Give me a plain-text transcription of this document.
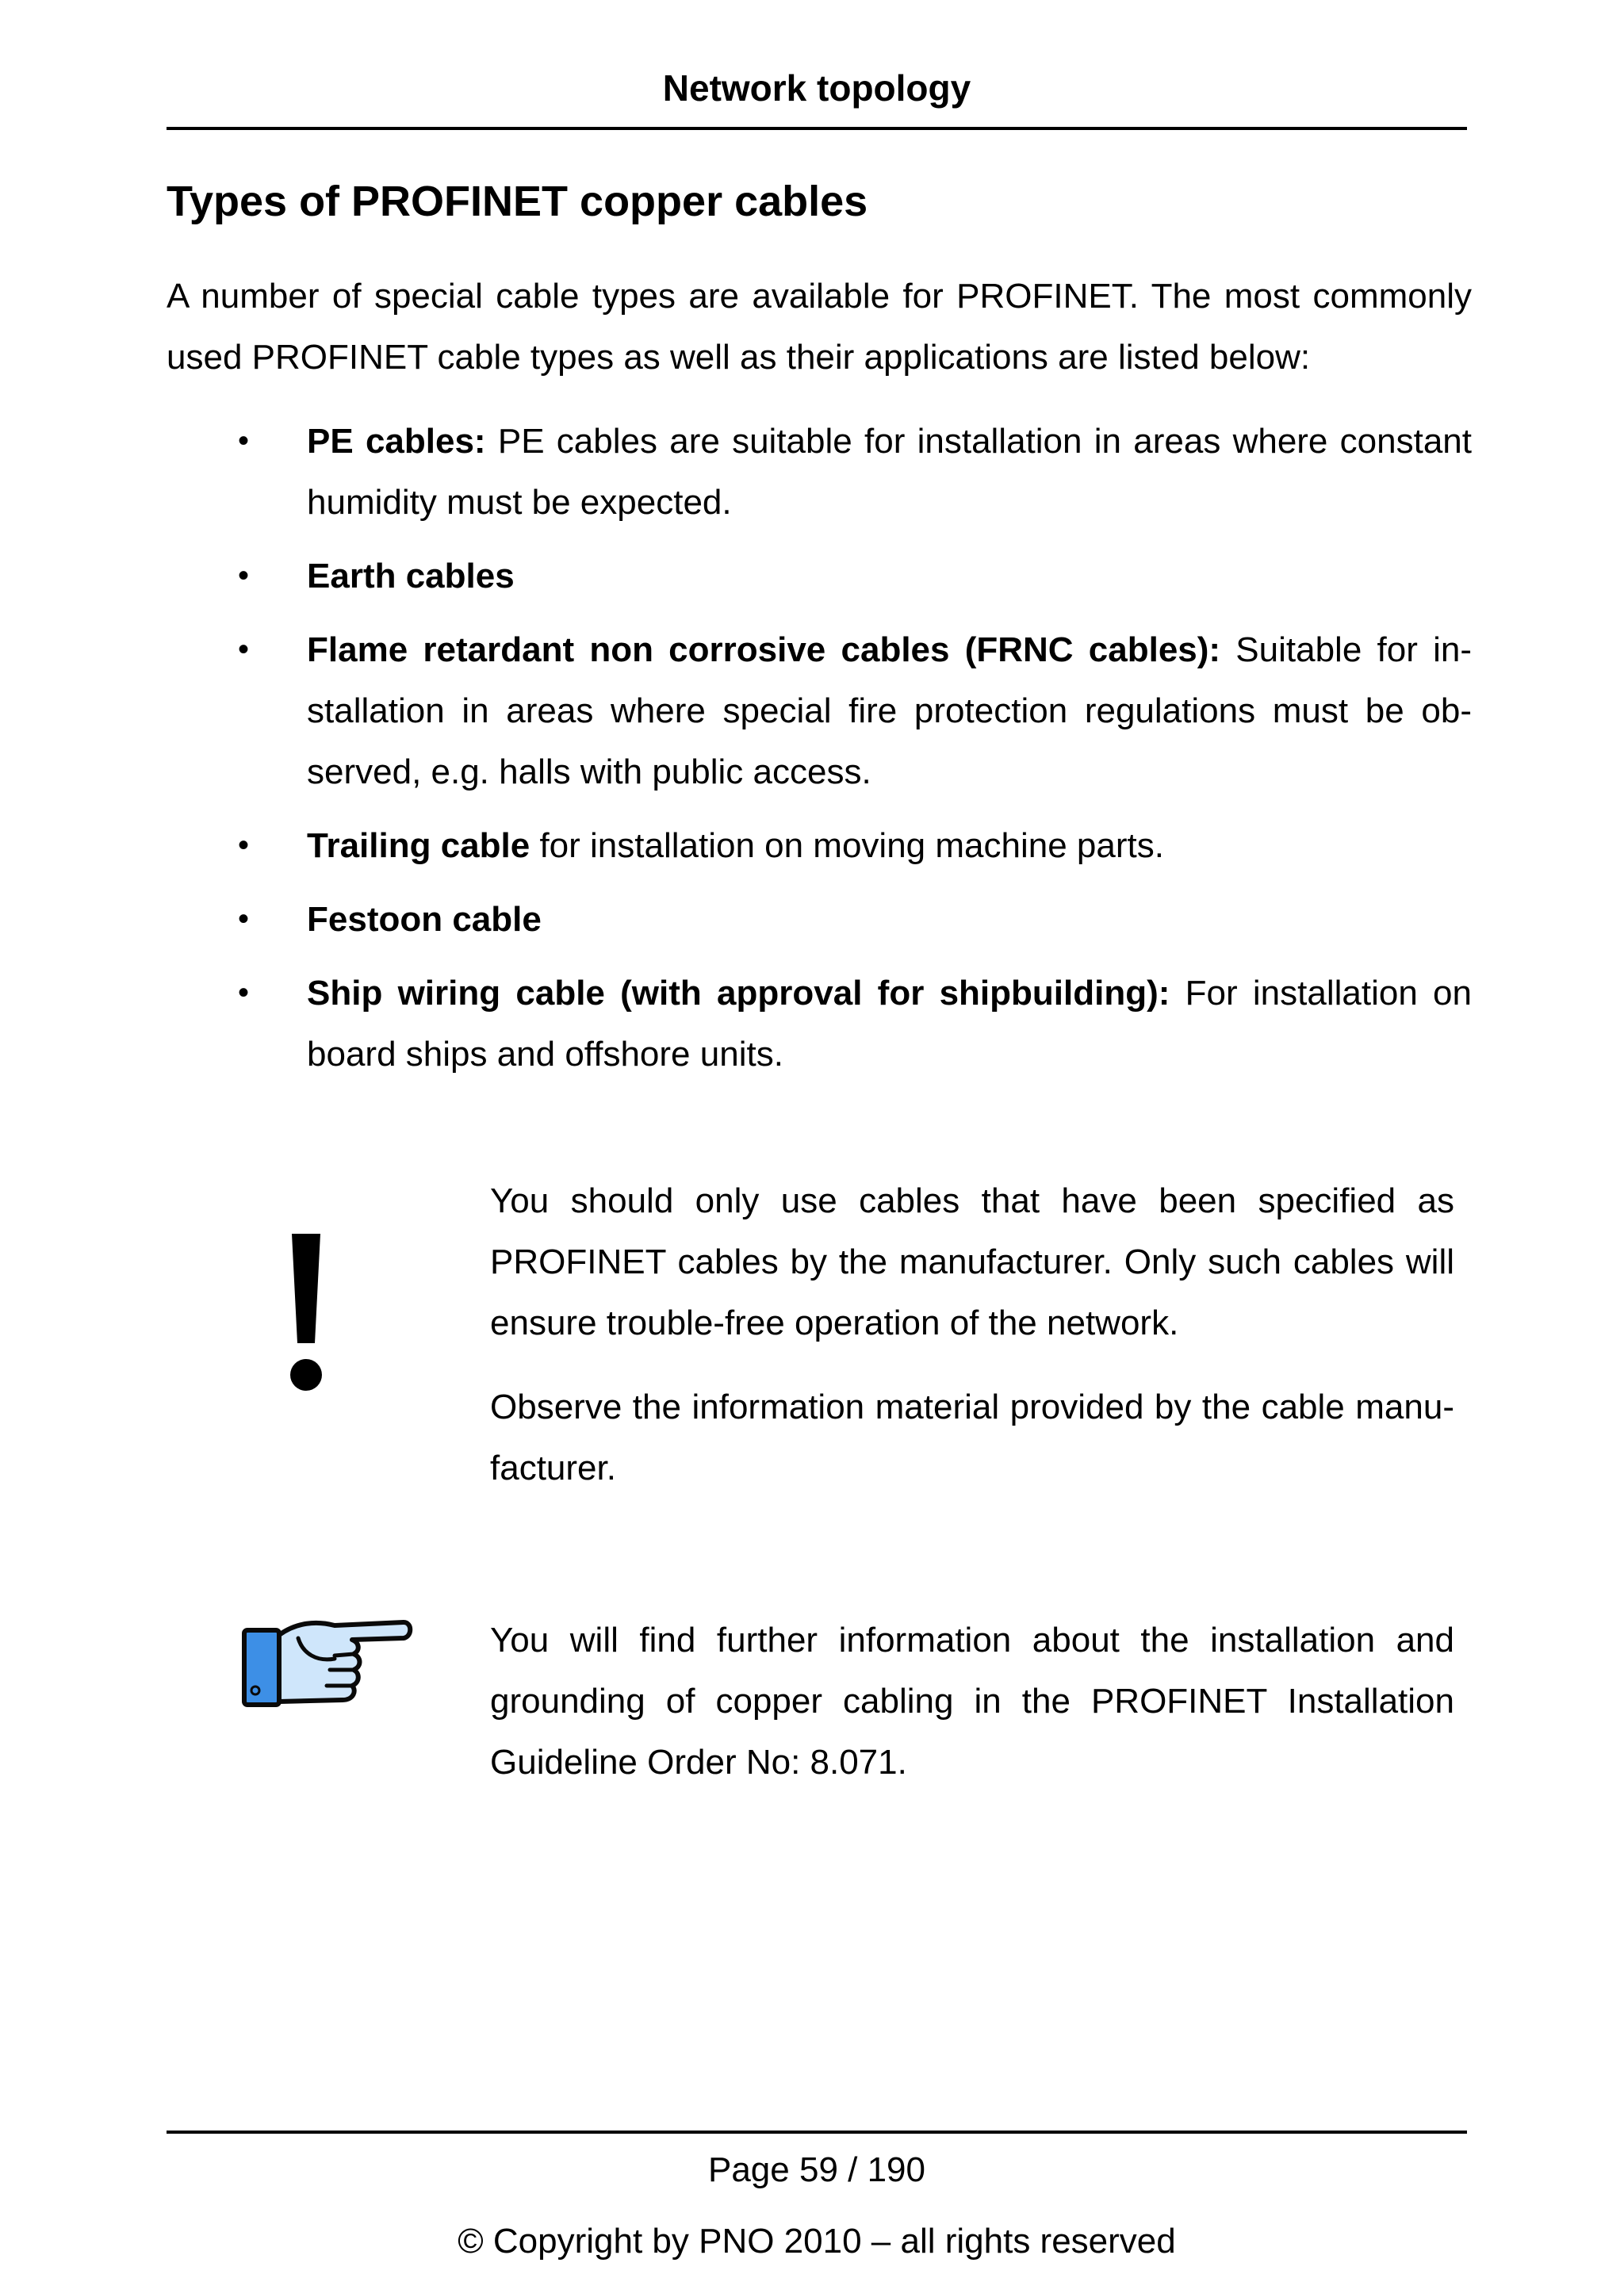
Network topology
Types of PROFINET copper cables

A number of special cable types are available for PROFINET. The most commonly used PROFINET cable types as well as their applications are listed below:

•	PE cables: PE cables are suitable for installation in areas where constant humidity must be expected.
•	Earth cables
•	Flame retardant non corrosive cables (FRNC cables): Suitable for installation in areas where special fire protection regulations must be observed, e.g. halls with public access.
•	Trailing cable for installation on moving machine parts.
•	Festoon cable
•	Ship wiring cable (with approval for shipbuilding): For installation on board ships and offshore units.

You should only use cables that have been specified as PROFINET cables by the manufacturer. Only such cables will ensure trouble-free operation of the network.

Observe the information material provided by the cable manufacturer.

You will find further information about the installation and grounding of copper cabling in the PROFINET Installation Guideline Order No: 8.071.

Page 59 / 190
© Copyright by PNO 2010 – all rights reserved
